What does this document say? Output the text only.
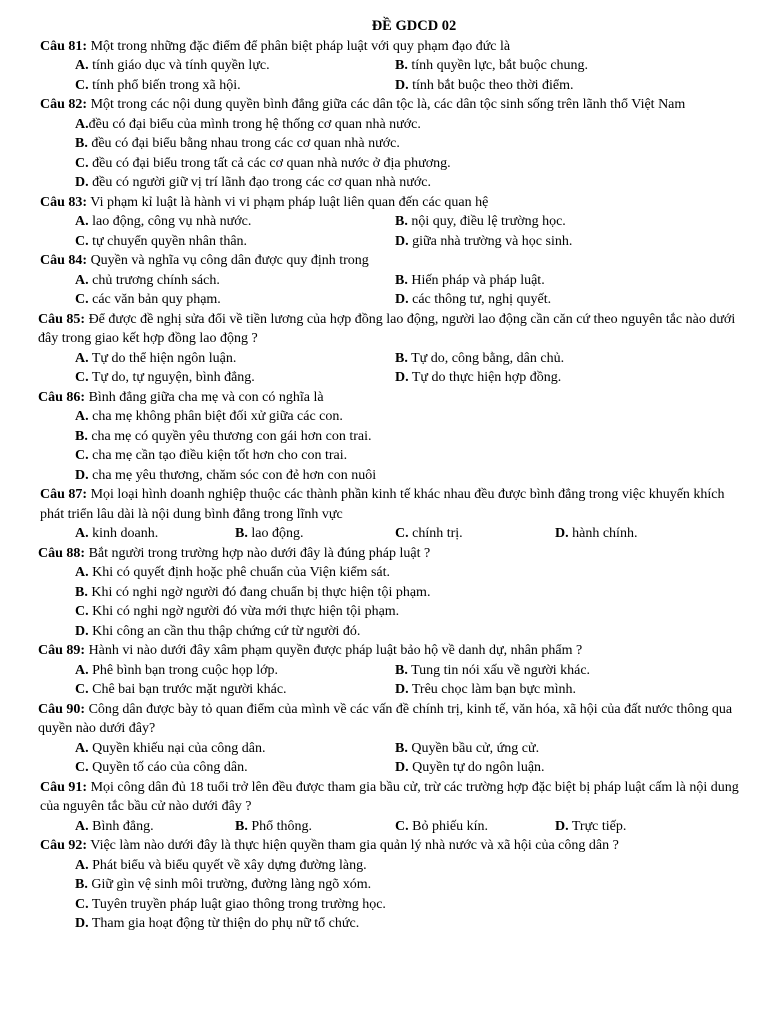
ĐỀ GDCD 02
Câu 81: Một trong những đặc điểm để phân biệt pháp luật với quy phạm đạo đức là
A. tính giáo dục và tính quyền lực.	B. tính quyền lực, bắt buộc chung.
C. tính phổ biến trong xã hội.	D. tính bắt buộc theo thời điểm.
Câu 82: Một trong các nội dung quyền bình đẳng giữa các dân tộc là, các dân tộc sinh sống trên lãnh thổ Việt Nam
A.đều có đại biểu của mình trong hệ thống cơ quan nhà nước.
B. đều có đại biểu bằng nhau trong các cơ quan nhà nước.
C. đều có đại biểu trong tất cả các cơ quan nhà nước ở địa phương.
D. đều có người giữ vị trí lãnh đạo trong các cơ quan nhà nước.
Câu 83: Vi phạm kỉ luật là hành vi vi phạm pháp luật liên quan đến các quan hệ
A. lao động, công vụ nhà nước.	B. nội quy, điều lệ trường học.
C. tự chuyển quyền nhân thân.	D. giữa nhà trường và học sinh.
Câu 84: Quyền và nghĩa vụ công dân được quy định trong
A. chủ trương chính sách.	B. Hiến pháp và pháp luật.
C. các văn bản quy phạm.	D. các thông tư, nghị quyết.
Câu 85: Để được đề nghị sửa đổi về tiền lương của hợp đồng lao động, người lao động cần căn cứ theo nguyên tắc nào dưới đây trong giao kết hợp đồng lao động ?
A. Tự do thể hiện ngôn luận.	B. Tự do, công bằng, dân chủ.
C. Tự do, tự nguyện, bình đẳng.	D. Tự do thực hiện hợp đồng.
Câu 86: Bình đẳng giữa cha mẹ và con có nghĩa là
A. cha mẹ không phân biệt đối xử giữa các con.
B. cha mẹ có quyền yêu thương con gái hơn con trai.
C. cha mẹ cần tạo điều kiện tốt hơn cho con trai.
D. cha mẹ yêu thương, chăm sóc con đẻ hơn con nuôi
Câu 87: Mọi loại hình doanh nghiệp thuộc các thành phần kinh tế khác nhau đều được bình đẳng trong việc khuyến khích phát triển lâu dài là nội dung bình đẳng trong lĩnh vực
A. kinh doanh.	B. lao động.	C. chính trị.	D. hành chính.
Câu 88: Bắt người trong trường hợp nào dưới đây là đúng pháp luật ?
A. Khi có quyết định hoặc phê chuẩn của Viện kiểm sát.
B. Khi có nghi ngờ người đó đang chuẩn bị thực hiện tội phạm.
C. Khi có nghi ngờ người đó vừa mới thực hiện tội phạm.
D. Khi công an cần thu thập chứng cứ từ người đó.
Câu 89: Hành vi nào dưới đây xâm phạm quyền được pháp luật bảo hộ về danh dự, nhân phẩm ?
A. Phê bình bạn trong cuộc họp lớp.	B. Tung tin nói xấu về người khác.
C. Chê bai bạn trước mặt người khác.	D. Trêu chọc làm bạn bực mình.
Câu 90: Công dân được bày tỏ quan điểm của mình về các vấn đề chính trị, kinh tế, văn hóa, xã hội của đất nước thông qua quyền nào dưới đây?
A. Quyền khiếu nại của công dân.	B. Quyền bầu cử, ứng cử.
C. Quyền tố cáo của công dân.	D. Quyền tự do ngôn luận.
Câu 91: Mọi công dân đủ 18 tuổi trở lên đều được tham gia bầu cử, trừ các trường hợp đặc biệt bị pháp luật cấm là nội dung của nguyên tắc bầu cử nào dưới đây ?
A. Bình đẳng.	B. Phổ thông.	C. Bỏ phiếu kín.	D. Trực tiếp.
Câu 92: Việc làm nào dưới đây là thực hiện quyền tham gia quản lý nhà nước và xã hội của công dân ?
A. Phát biểu và biểu quyết về xây dựng đường làng.
B. Giữ gìn vệ sinh môi trường, đường làng ngõ xóm.
C. Tuyên truyền pháp luật giao thông trong trường học.
D. Tham gia hoạt động từ thiện do phụ nữ tổ chức.
